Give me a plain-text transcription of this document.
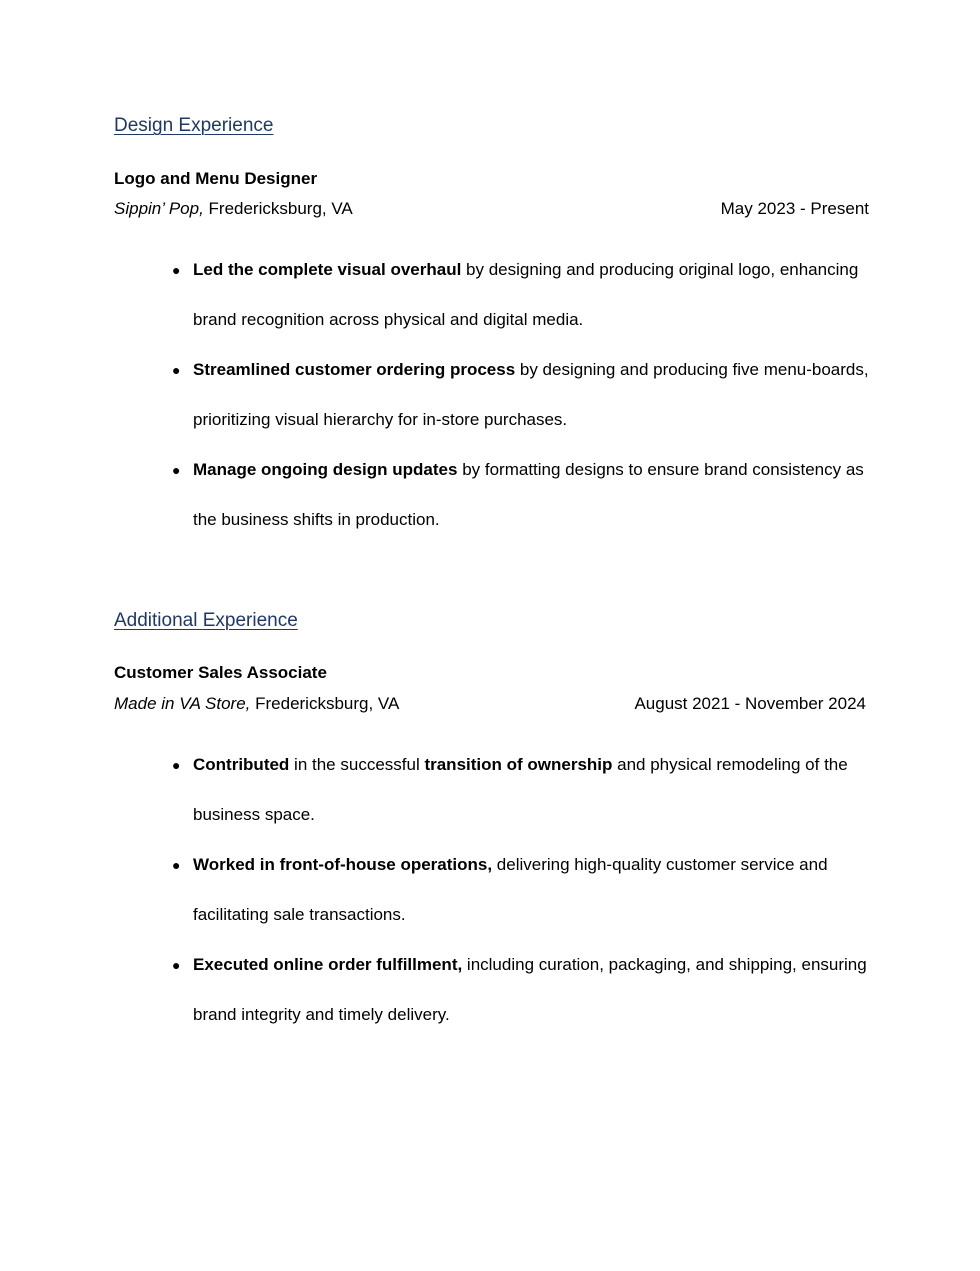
Design Experience
Logo and Menu Designer
Sippin’ Pop, Fredericksburg, VA	May 2023 - Present
● Led the complete visual overhaul by designing and producing original logo, enhancing brand recognition across physical and digital media.
● Streamlined customer ordering process by designing and producing five menu-boards, prioritizing visual hierarchy for in-store purchases.
● Manage ongoing design updates by formatting designs to ensure brand consistency as the business shifts in production.
Additional Experience
Customer Sales Associate
Made in VA Store, Fredericksburg, VA	August 2021 - November 2024
● Contributed in the successful transition of ownership and physical remodeling of the business space.
● Worked in front-of-house operations, delivering high-quality customer service and facilitating sale transactions.
● Executed online order fulfillment, including curation, packaging, and shipping, ensuring brand integrity and timely delivery.
